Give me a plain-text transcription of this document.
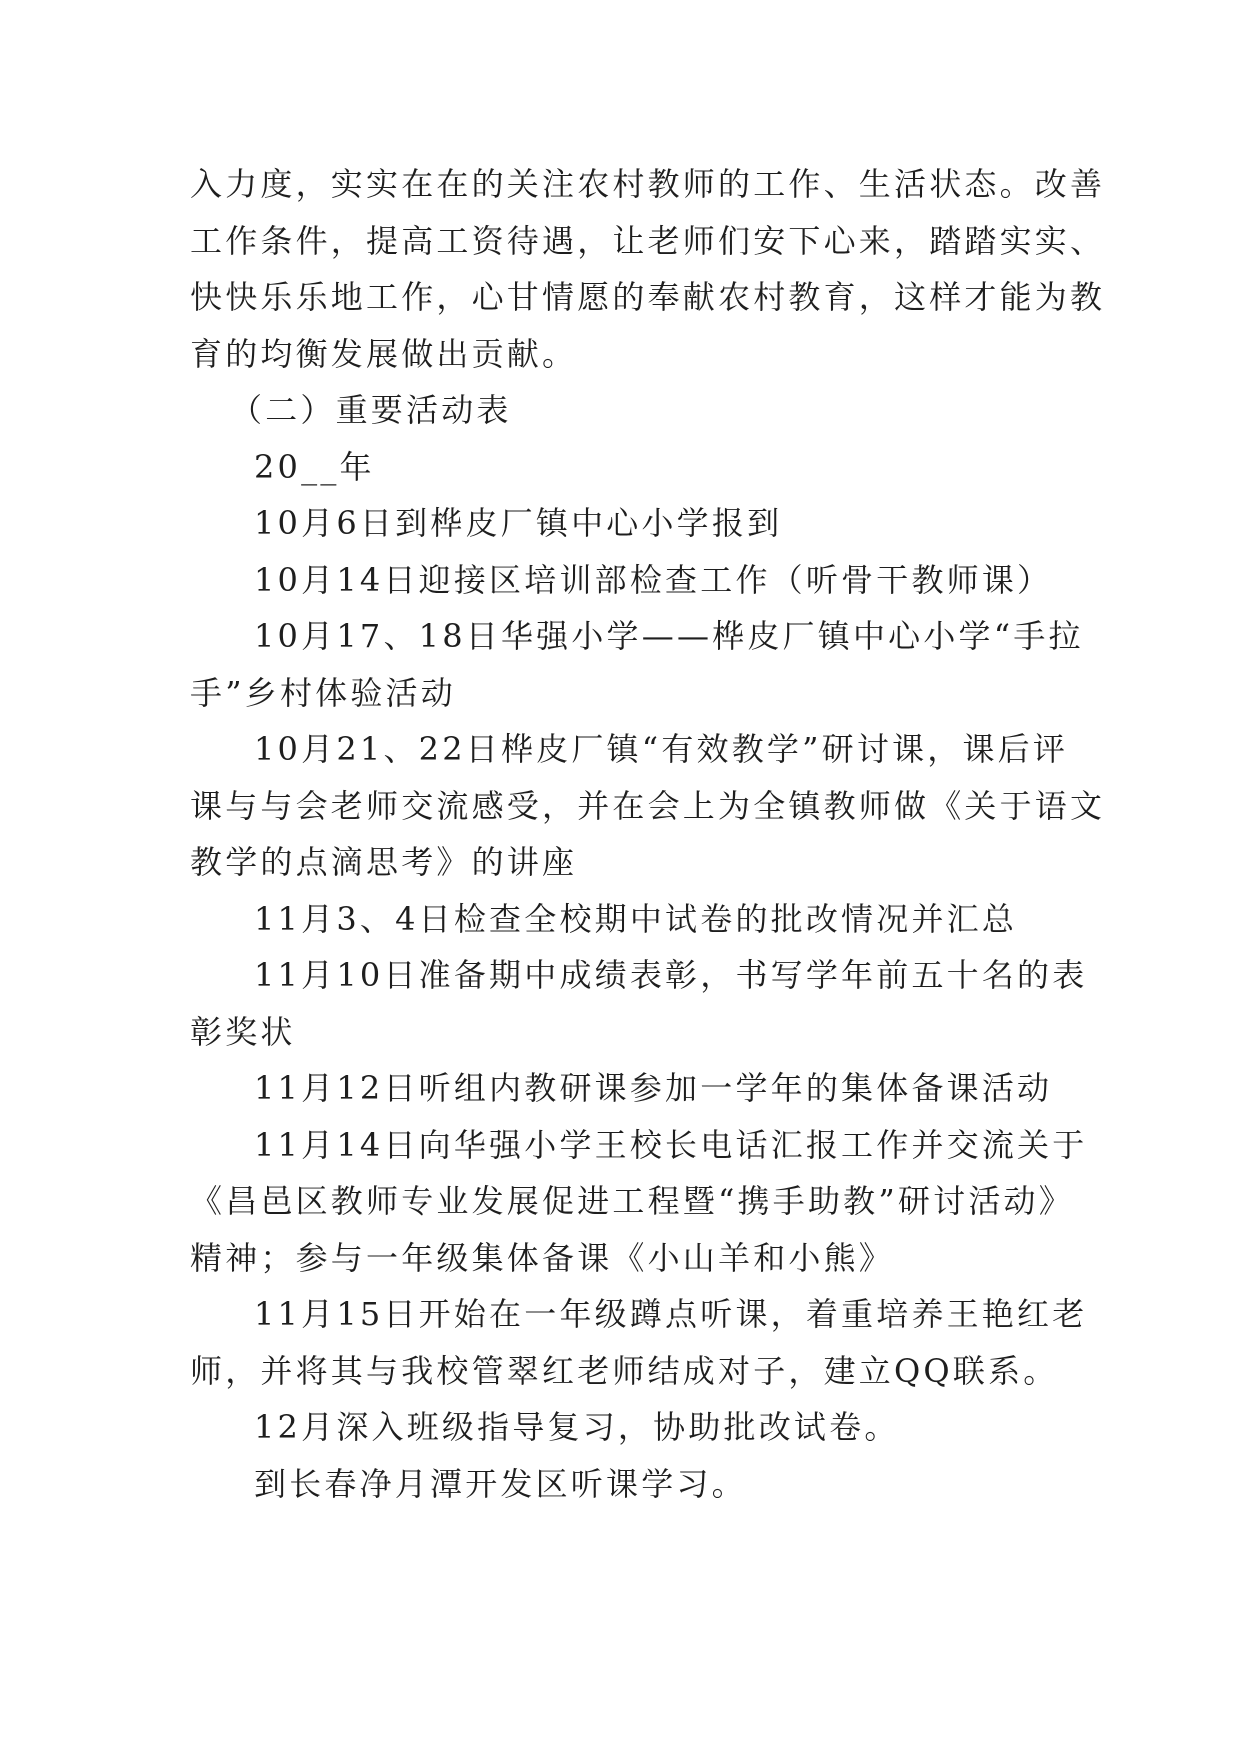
入力度，实实在在的关注农村教师的工作、生活状态。改善

工作条件，提高工资待遇，让老师们安下心来，踏踏实实、

快快乐乐地工作，心甘情愿的奉献农村教育，这样才能为教

育的均衡发展做出贡献。

（二）重要活动表

20__年

10月6日到桦皮厂镇中心小学报到

10月14日迎接区培训部检查工作（听骨干教师课）

10月17、18日华强小学——桦皮厂镇中心小学“手拉

手”乡村体验活动

10月21、22日桦皮厂镇“有效教学”研讨课，课后评

课与与会老师交流感受，并在会上为全镇教师做《关于语文

教学的点滴思考》的讲座

11月3、4日检查全校期中试卷的批改情况并汇总

11月10日准备期中成绩表彰，书写学年前五十名的表

彰奖状

11月12日听组内教研课参加一学年的集体备课活动

11月14日向华强小学王校长电话汇报工作并交流关于

《昌邑区教师专业发展促进工程暨“携手助教”研讨活动》

精神；参与一年级集体备课《小山羊和小熊》

11月15日开始在一年级蹲点听课，着重培养王艳红老

师，并将其与我校管翠红老师结成对子，建立QQ联系。

12月深入班级指导复习，协助批改试卷。

到长春净月潭开发区听课学习。
